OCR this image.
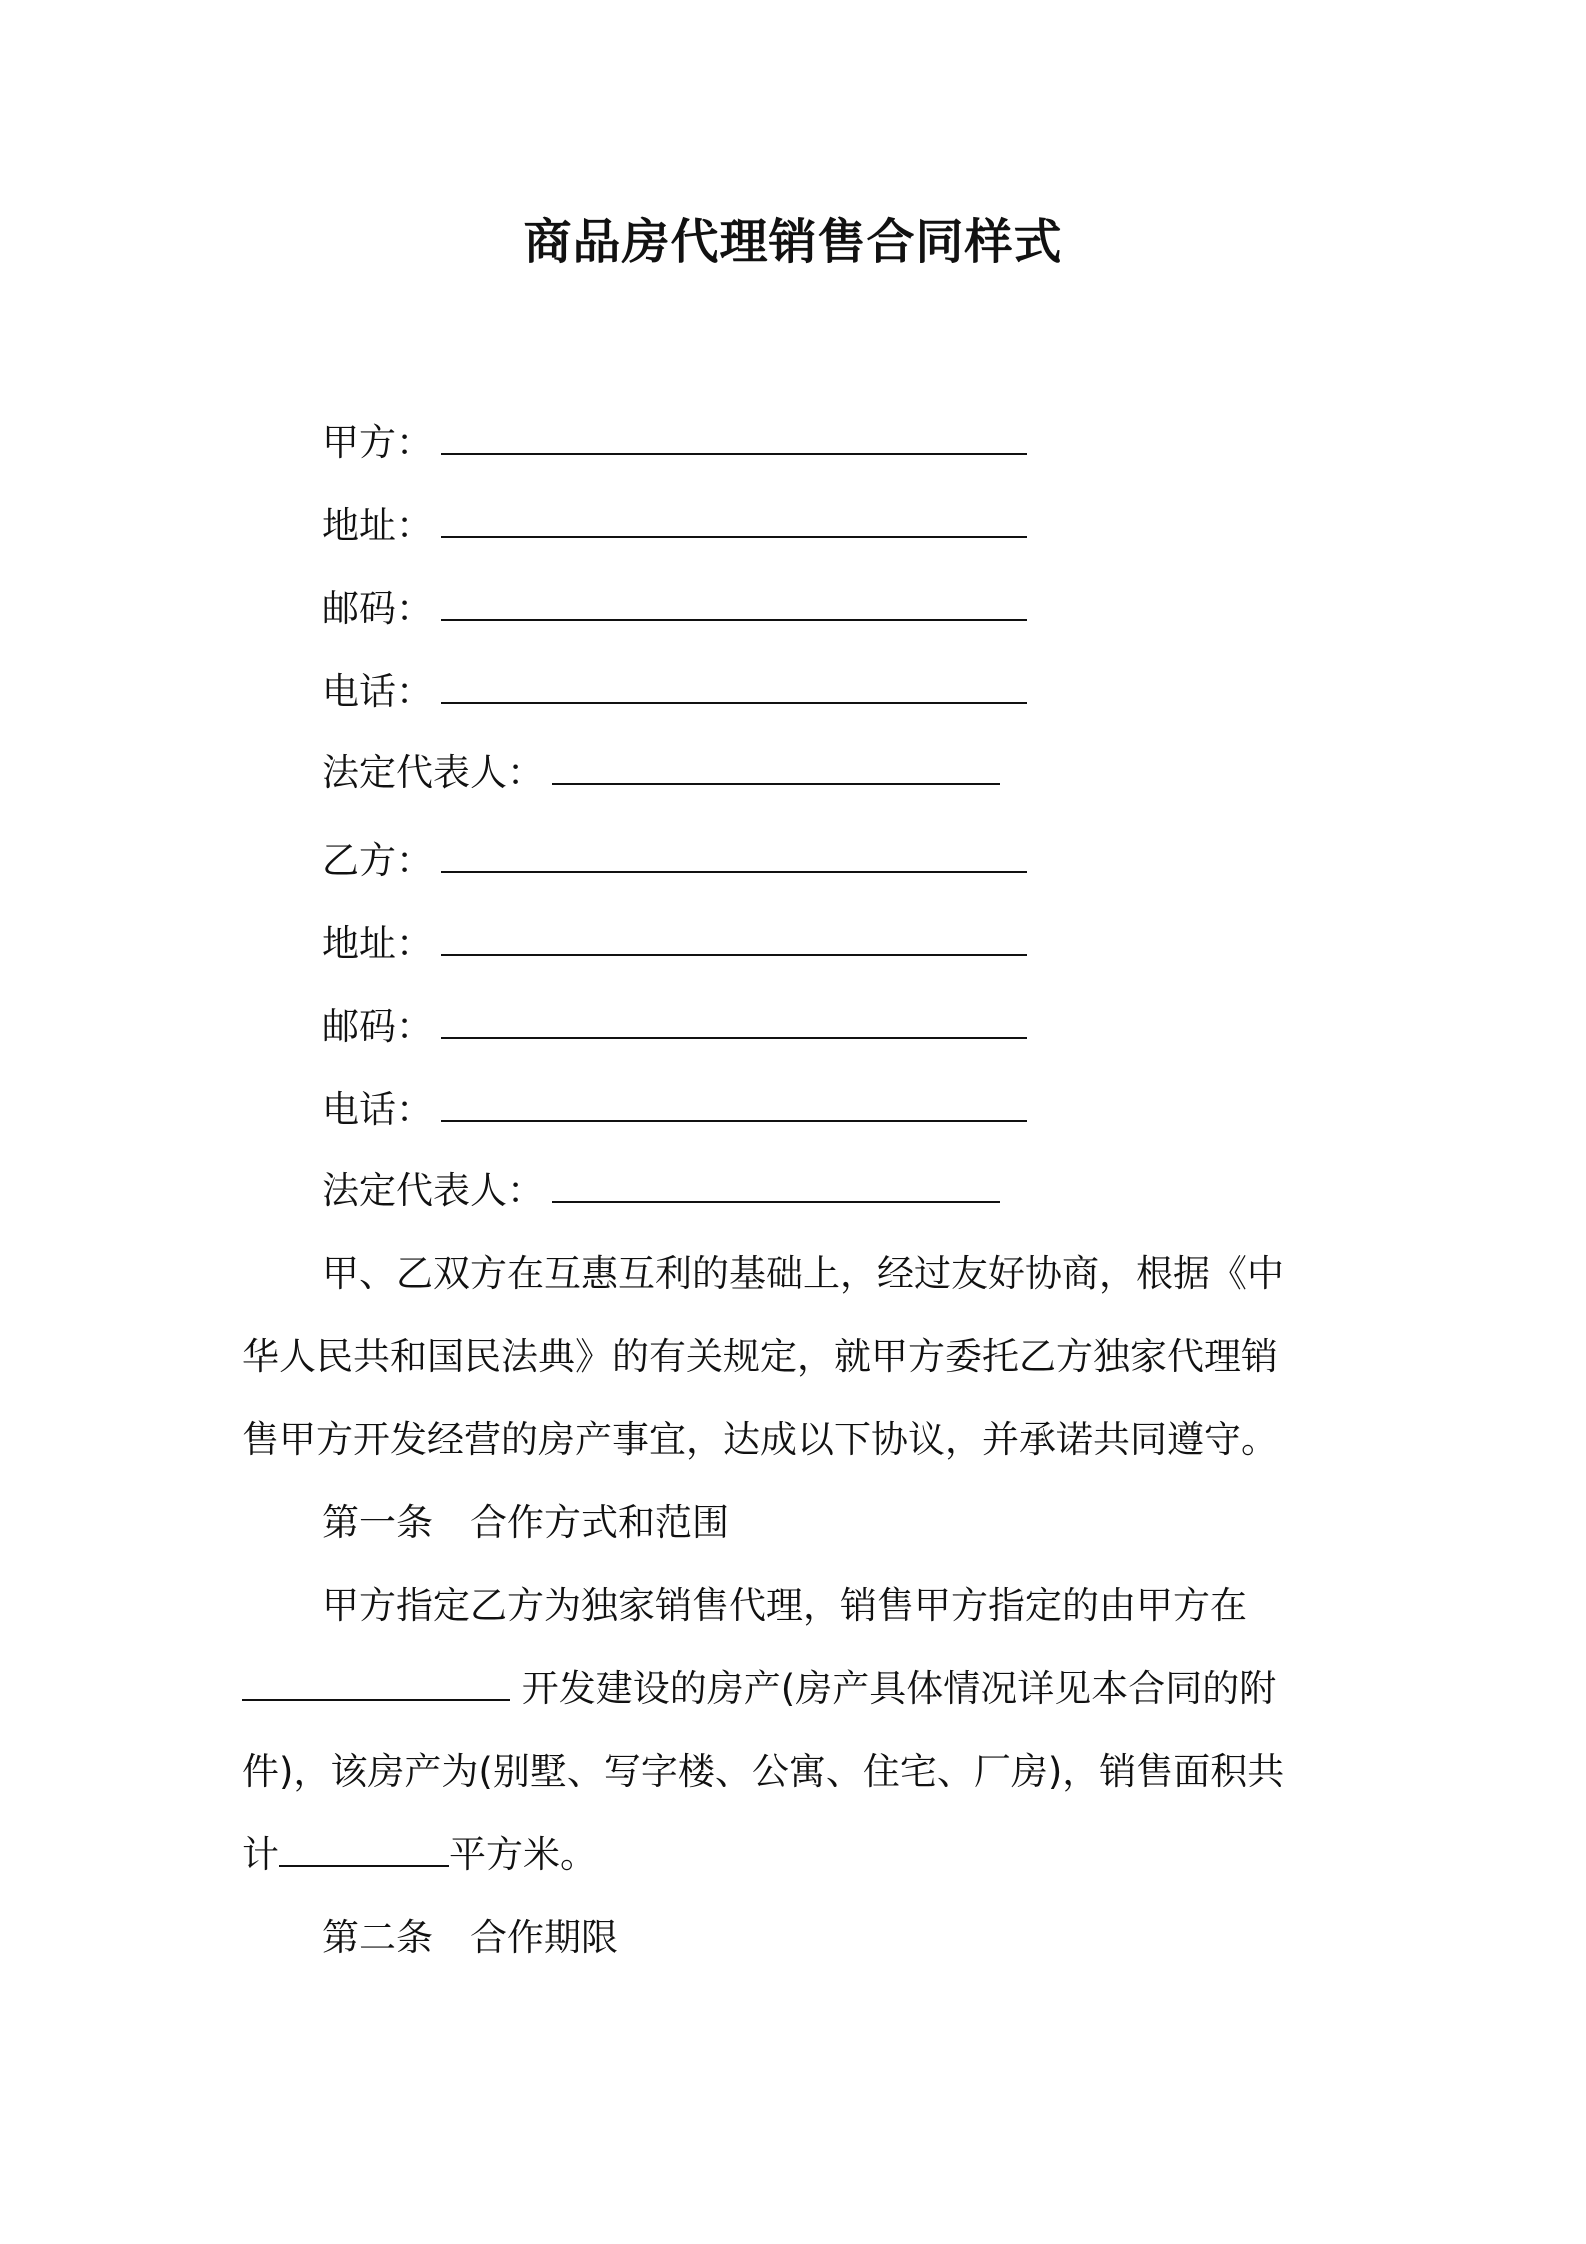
商品房代理销售合同样式
甲方：
地址：
邮码：
电话：
法定代表人：
乙方：
地址：
邮码：
电话：
法定代表人：
甲、乙双方在互惠互利的基础上，经过友好协商，根据《中
华人民共和国民法典》的有关规定，就甲方委托乙方独家代理销
售甲方开发经营的房产事宜，达成以下协议，并承诺共同遵守。
第一条　合作方式和范围
甲方指定乙方为独家销售代理，销售甲方指定的由甲方在
开发建设的房产(房产具体情况详见本合同的附
件)，该房产为(别墅、写字楼、公寓、住宅、厂房)，销售面积共
计	平方米。
第二条　合作期限
